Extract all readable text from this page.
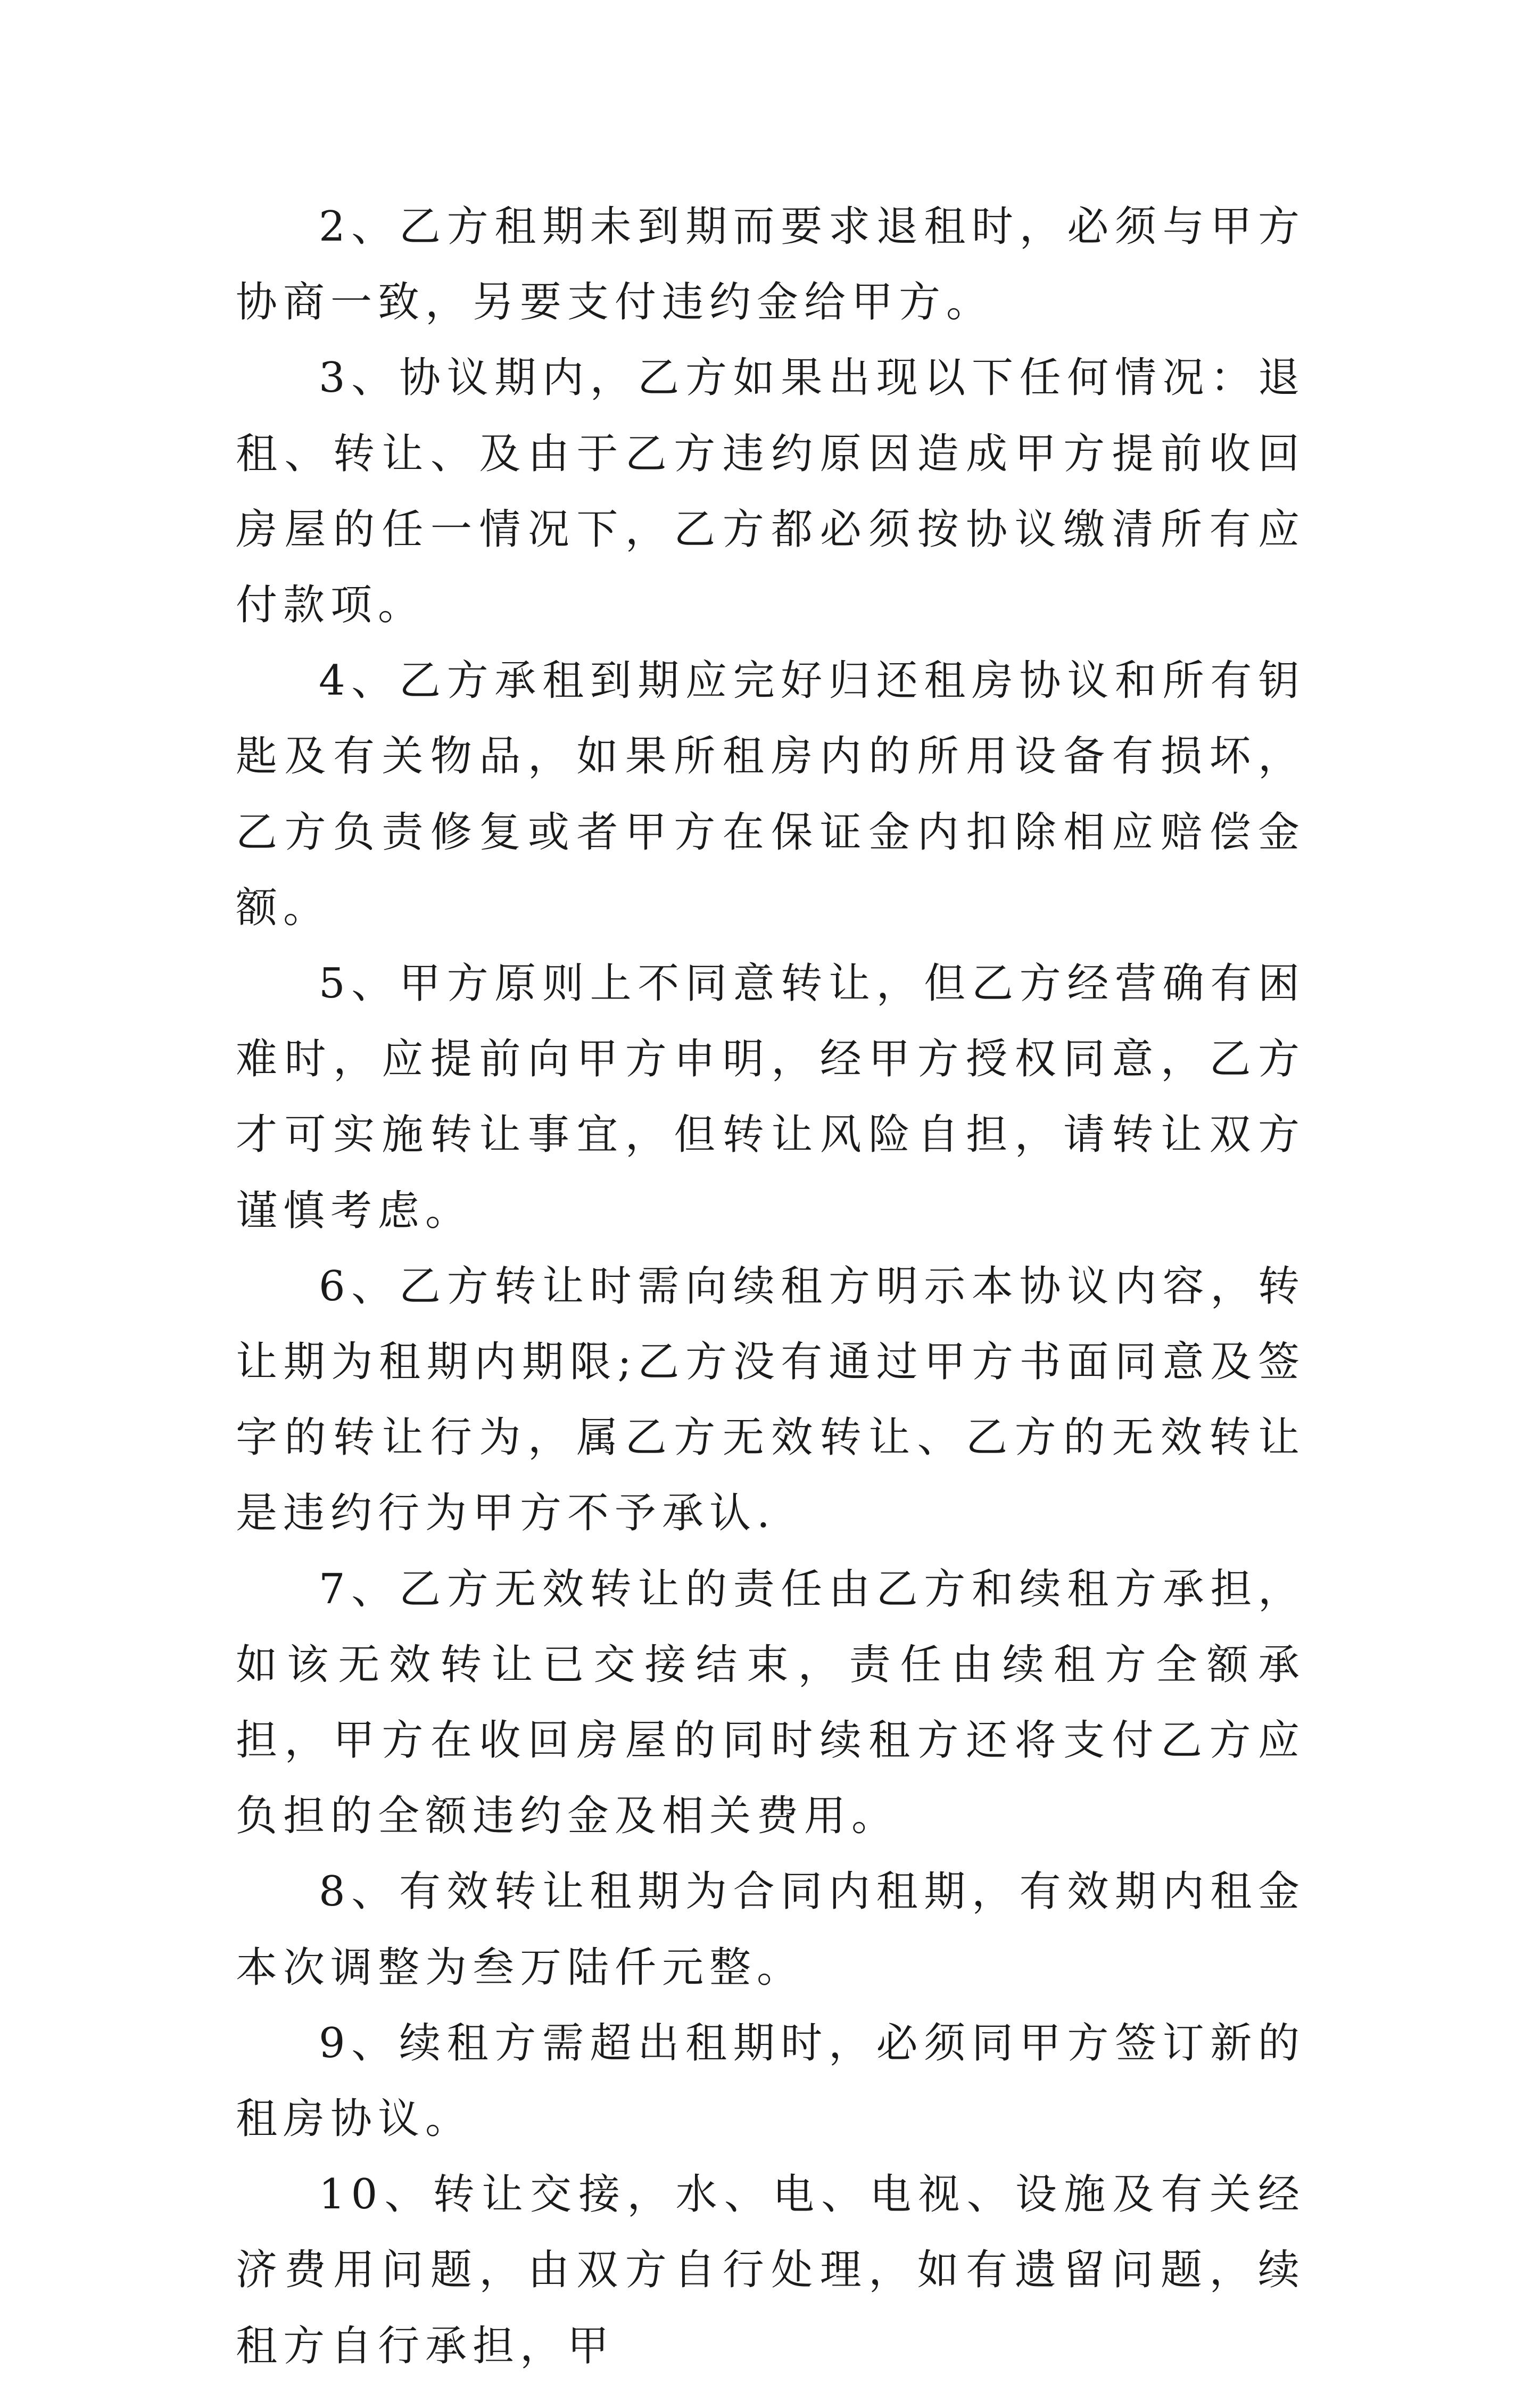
2、乙方租期未到期而要求退租时，必须与甲方协商一致，另要支付违约金给甲方。

3、协议期内，乙方如果出现以下任何情况：退租、转让、及由于乙方违约原因造成甲方提前收回房屋的任一情况下，乙方都必须按协议缴清所有应付款项。

4、乙方承租到期应完好归还租房协议和所有钥匙及有关物品，如果所租房内的所用设备有损坏，乙方负责修复或者甲方在保证金内扣除相应赔偿金额。

5、甲方原则上不同意转让，但乙方经营确有困难时，应提前向甲方申明，经甲方授权同意，乙方才可实施转让事宜，但转让风险自担，请转让双方谨慎考虑。

6、乙方转让时需向续租方明示本协议内容，转让期为租期内期限;乙方没有通过甲方书面同意及签字的转让行为，属乙方无效转让、乙方的无效转让是违约行为甲方不予承认.

7、乙方无效转让的责任由乙方和续租方承担，如该无效转让已交接结束，责任由续租方全额承担，甲方在收回房屋的同时续租方还将支付乙方应负担的全额违约金及相关费用。

8、有效转让租期为合同内租期，有效期内租金本次调整为叁万陆仟元整。

9、续租方需超出租期时，必须同甲方签订新的租房协议。

10、转让交接，水、电、电视、设施及有关经济费用问题，由双方自行处理，如有遗留问题，续租方自行承担，甲
